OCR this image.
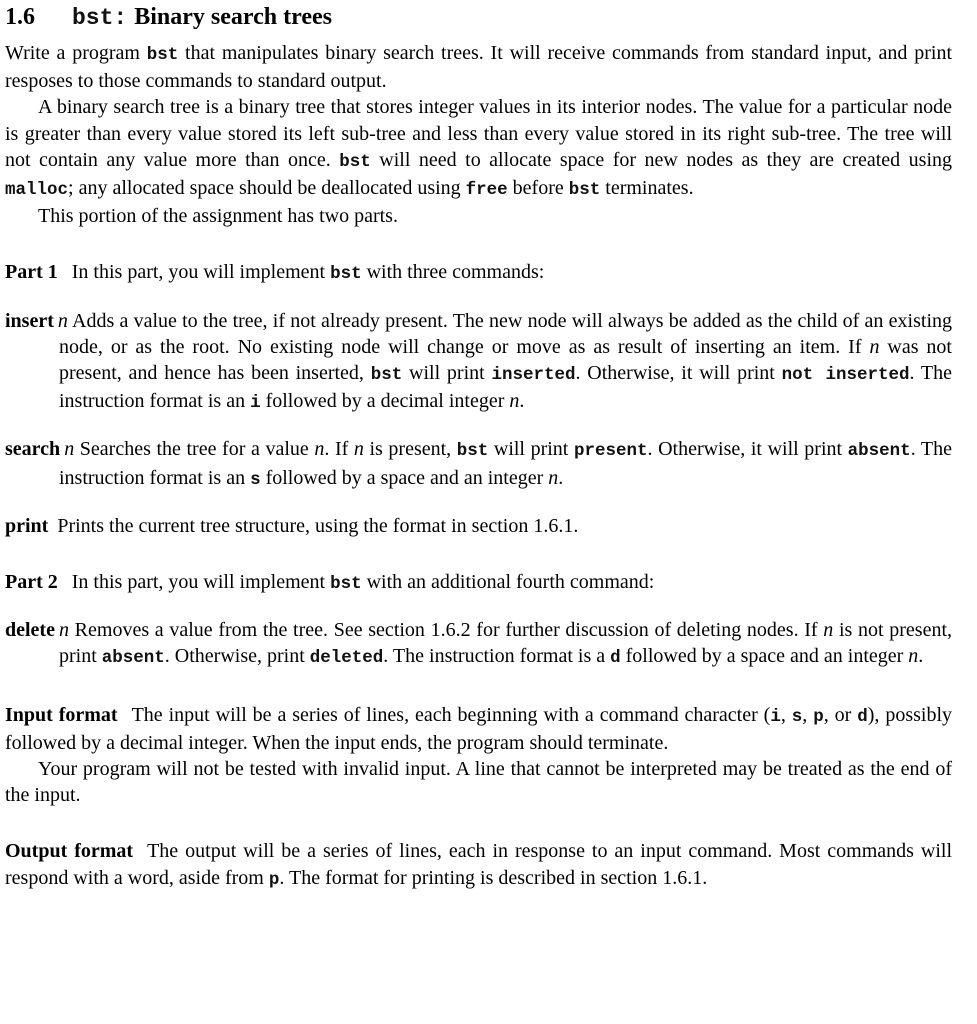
1.6	bst: Binary search trees

Write a program bst that manipulates binary search trees. It will receive commands from standard input, and print resposes to those commands to standard output.

A binary search tree is a binary tree that stores integer values in its interior nodes. The value for a particular node is greater than every value stored its left sub-tree and less than every value stored in its right sub-tree. The tree will not contain any value more than once. bst will need to allocate space for new nodes as they are created using malloc; any allocated space should be deallocated using free before bst terminates.

This portion of the assignment has two parts.

Part 1 In this part, you will implement bst with three commands:

insert n Adds a value to the tree, if not already present. The new node will always be added as the child of an existing node, or as the root. No existing node will change or move as as result of inserting an item. If n was not present, and hence has been inserted, bst will print inserted. Otherwise, it will print not inserted. The instruction format is an i followed by a decimal integer n.

search n Searches the tree for a value n. If n is present, bst will print present. Otherwise, it will print absent. The instruction format is an s followed by a space and an integer n.

print Prints the current tree structure, using the format in section 1.6.1.

Part 2 In this part, you will implement bst with an additional fourth command:

delete n Removes a value from the tree. See section 1.6.2 for further discussion of deleting nodes. If n is not present, print absent. Otherwise, print deleted. The instruction format is a d followed by a space and an integer n.

Input format The input will be a series of lines, each beginning with a command character (i, s, p, or d), possibly followed by a decimal integer. When the input ends, the program should terminate.

Your program will not be tested with invalid input. A line that cannot be interpreted may be treated as the end of the input.

Output format The output will be a series of lines, each in response to an input command. Most commands will respond with a word, aside from p. The format for printing is described in section 1.6.1.
